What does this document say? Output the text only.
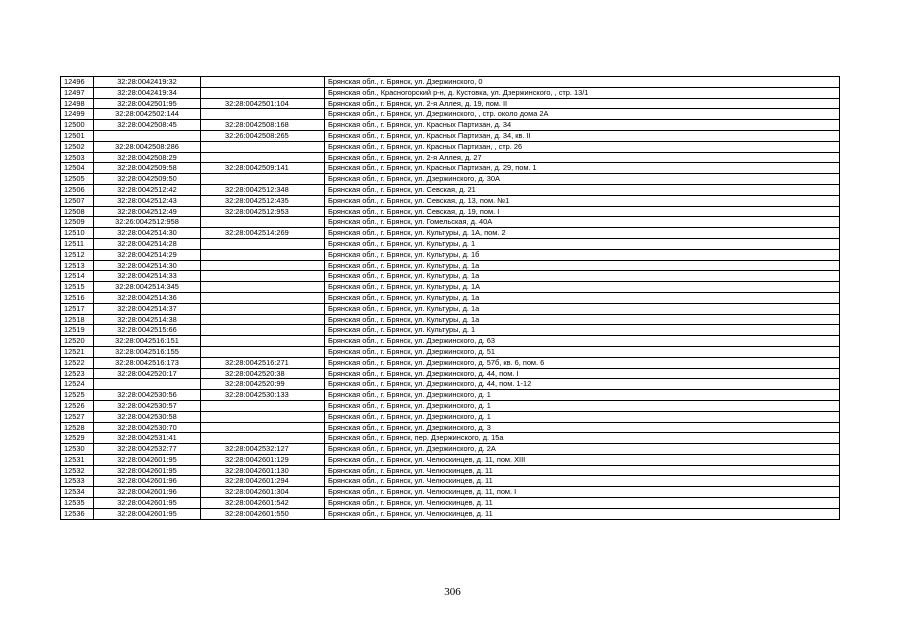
12496	32:28:0042419:32		Брянская обл., г. Брянск, ул. Дзержинского, 0
12497	32:28:0042419:34		Брянская обл., Красногорский р-н, д. Кустовка, ул. Дзержинского, , стр. 13/1
12498	32:28:0042501:95	32:28:0042501:104	Брянская обл., г. Брянск, ул. 2-я Аллея, д. 19, пом. II
12499	32:28:0042502:144		Брянская обл., г. Брянск, ул. Дзержинского, , стр. около дома 2А
12500	32:28:0042508:45	32:28:0042508:168	Брянская обл., г. Брянск, ул. Красных Партизан, д. 34
12501		32:26:0042508:265	Брянская обл., г. Брянск, ул. Красных Партизан, д. 34, кв. II
12502	32:28:0042508:286		Брянская обл., г. Брянск, ул. Красных Партизан, , стр. 26
12503	32:28:0042508:29		Брянская обл., г. Брянск, ул. 2-я Аллея, д. 27
12504	32:28:0042509:58	32:28:0042509:141	Брянская обл., г. Брянск, ул. Красных Партизан, д. 29, пом. 1
12505	32:28:0042509:50		Брянская обл., г. Брянск, ул. Дзержинского, д. 30А
12506	32:28:0042512:42	32:28:0042512:348	Брянская обл., г. Брянск, ул. Севская, д. 21
12507	32:28:0042512:43	32:28:0042512:435	Брянская обл., г. Брянск, ул. Севская, д. 13, пом. №1
12508	32:28:0042512:49	32:28:0042512:953	Брянская обл., г. Брянск, ул. Севская, д. 19, пом. I
12509	32:26:0042512:958		Брянская обл., г. Брянск, ул. Гомельская, д. 40А
12510	32:28:0042514:30	32:28:0042514:269	Брянская обл., г. Брянск, ул. Культуры, д. 1А, пом. 2
12511	32:28:0042514:28		Брянская обл., г. Брянск, ул. Культуры, д. 1
12512	32:28:0042514:29		Брянская обл., г. Брянск, ул. Культуры, д. 1б
12513	32:28:0042514:30		Брянская обл., г. Брянск, ул. Культуры, д. 1а
12514	32:28:0042514:33		Брянская обл., г. Брянск, ул. Культуры, д. 1а
12515	32:28:0042514:345		Брянская обл., г. Брянск, ул. Культуры, д. 1А
12516	32:28:0042514:36		Брянская обл., г. Брянск, ул. Культуры, д. 1а
12517	32:28:0042514:37		Брянская обл., г. Брянск, ул. Культуры, д. 1а
12518	32:28:0042514:38		Брянская обл., г. Брянск, ул. Культуры, д. 1а
12519	32:28:0042515:66		Брянская обл., г. Брянск, ул. Культуры, д. 1
12520	32:28:0042516:151		Брянская обл., г. Брянск, ул. Дзержинского, д. 63
12521	32:28:0042516:155		Брянская обл., г. Брянск, ул. Дзержинского, д. 51
12522	32:28:0042516:173	32:28:0042516:271	Брянская обл., г. Брянск, ул. Дзержинского, д. 57б, кв. 6, пом. 6
12523	32:28:0042520:17	32:28:0042520:38	Брянская обл., г. Брянск, ул. Дзержинского, д. 44, пом. I
12524		32:28:0042520:99	Брянская обл., г. Брянск, ул. Дзержинского, д. 44, пом. 1-12
12525	32:28:0042530:56	32:28:0042530:133	Брянская обл., г. Брянск, ул. Дзержинского, д. 1
12526	32:28:0042530:57		Брянская обл., г. Брянск, ул. Дзержинского, д. 1
12527	32:28:0042530:58		Брянская обл., г. Брянск, ул. Дзержинского, д. 1
12528	32:28:0042530:70		Брянская обл., г. Брянск, ул. Дзержинского, д. 3
12529	32:28:0042531:41		Брянская обл., г. Брянск, пер. Дзержинского, д. 15а
12530	32:28:0042532:77	32:28:0042532:127	Брянская обл., г. Брянск, ул. Дзержинского, д. 2А
12531	32:28:0042601:95	32:28:0042601:129	Брянская обл., г. Брянск, ул. Челюскинцев, д. 11, пом. XIII
12532	32:28:0042601:95	32:28:0042601:130	Брянская обл., г. Брянск, ул. Челюскинцев, д. 11
12533	32:28:0042601:96	32:28:0042601:294	Брянская обл., г. Брянск, ул. Челюскинцев, д. 11
12534	32:28:0042601:96	32:28:0042601:304	Брянская обл., г. Брянск, ул. Челюскинцев, д. 11, пом. I
12535	32:28:0042601:95	32:28:0042601:542	Брянская обл., г. Брянск, ул. Челюскинцев, д. 11
12536	32:28:0042601:95	32:28:0042601:550	Брянская обл., г. Брянск, ул. Челюскинцев, д. 11
306
